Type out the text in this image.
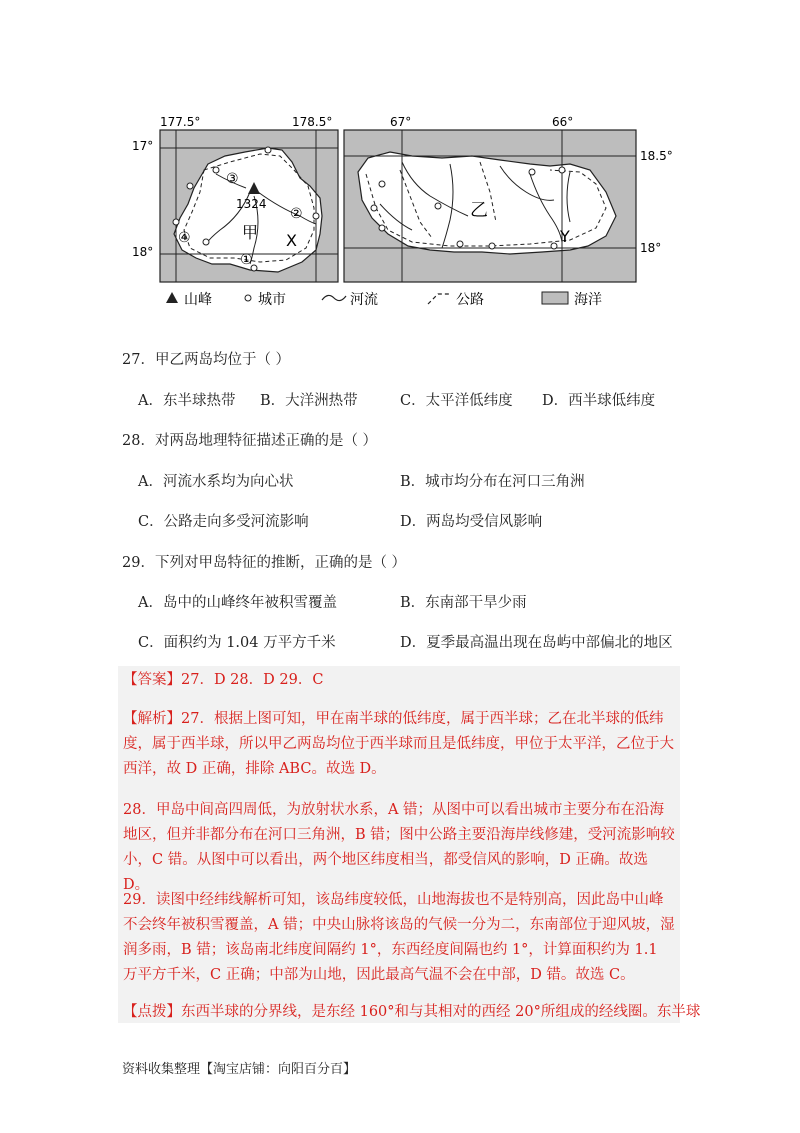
③
②
④
①
1324
甲 X
177.5°	178.5°
17°
18°
乙
Y
67°	66°
18.5°
18°
山峰	城市	河流	公路	海洋
27．甲乙两岛均位于（ ）
A．东半球热带 B．大洋洲热带	C．太平洋低纬度 D．西半球低纬度
28．对两岛地理特征描述正确的是（ ）
A．河流水系均为向心状	B．城市均分布在河口三角洲
C．公路走向多受河流影响	D．两岛均受信风影响
29．下列对甲岛特征的推断，正确的是（ ）
A．岛中的山峰终年被积雪覆盖	B．东南部干旱少雨
C．面积约为 1.04 万平方千米	D．夏季最高温出现在岛屿中部偏北的地区
【答案】27．D 28．D 29．C
【解析】27．根据上图可知，甲在南半球的低纬度，属于西半球；乙在北半球的低纬度，属于西半球，所以甲乙两岛均位于西半球而且是低纬度，甲位于太平洋，乙位于大西洋，故 D 正确，排除 ABC。故选 D。
28．甲岛中间高四周低，为放射状水系，A 错；从图中可以看出城市主要分布在沿海地区，但并非都分布在河口三角洲，B 错；图中公路主要沿海岸线修建，受河流影响较小，C 错。从图中可以看出，两个地区纬度相当，都受信风的影响，D 正确。故选 D。
29．读图中经纬线解析可知，该岛纬度较低，山地海拔也不是特别高，因此岛中山峰不会终年被积雪覆盖，A 错；中央山脉将该岛的气候一分为二，东南部位于迎风坡，湿润多雨，B 错；该岛南北纬度间隔约 1°，东西经度间隔也约 1°，计算面积约为 1.1 万平方千米，C 正确；中部为山地，因此最高气温不会在中部，D 错。故选 C。
【点拨】东西半球的分界线，是东经 160°和与其相对的西经 20°所组成的经线圈。东半球
资料收集整理【淘宝店铺：向阳百分百】
